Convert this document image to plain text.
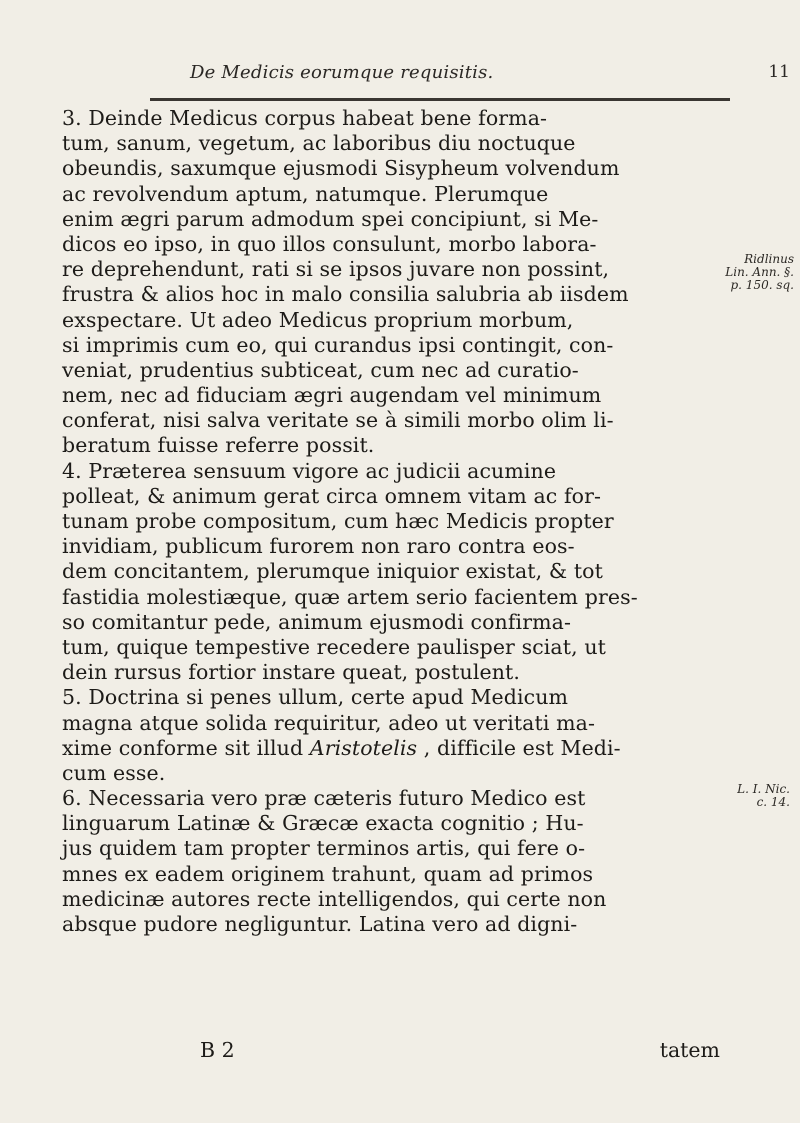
De Medicis eorumque requisitis.	11
3. Deinde Medicus corpus habeat bene forma-
tum, sanum, vegetum, ac laboribus diu noctuque
obeundis, saxumque ejusmodi Sisypheum volvendum
ac revolvendum aptum, natumque. Plerumque
enim ægri parum admodum spei concipiunt, si Me-
dicos eo ipso, in quo illos consulunt, morbo labora-
re deprehendunt, rati si se ipsos juvare non possint,
frustra & alios hoc in malo consilia salubria ab iisdem
exspectare. Ut adeo Medicus proprium morbum,
si imprimis cum eo, qui curandus ipsi contingit, con-
veniat, prudentius subticeat, cum nec ad curatio-
nem, nec ad fiduciam ægri augendam vel minimum
conferat, nisi salva veritate se à simili morbo olim li-
beratum fuisse referre possit.
4. Præterea sensuum vigore ac judicii acumine
polleat, & animum gerat circa omnem vitam ac for-
tunam probe compositum, cum hæc Medicis propter
invidiam, publicum furorem non raro contra eos-
dem concitantem, plerumque iniquior existat, & tot
fastidia molestiæque, quæ artem serio facientem pres-
so comitantur pede, animum ejusmodi confirma-
tum, quique tempestive recedere paulisper sciat, ut
dein rursus fortior instare queat, postulent.
5. Doctrina si penes ullum, certe apud Medicum
magna atque solida requiritur, adeo ut veritati ma-
xime conforme sit illud Aristotelis , difficile est Medi-
cum esse.
6. Necessaria vero præ cæteris futuro Medico est
linguarum Latinæ & Græcæ exacta cognitio ; Hu-
jus quidem tam propter terminos artis, qui fere o-
mnes ex eadem originem trahunt, quam ad primos
medicinæ autores recte intelligendos, qui certe non
absque pudore negliguntur. Latina vero ad digni-
Ridlinus
Lin. Ann. §.
p. 150. sq.
L. I. Nic.
c. 14.
B 2	tatem
